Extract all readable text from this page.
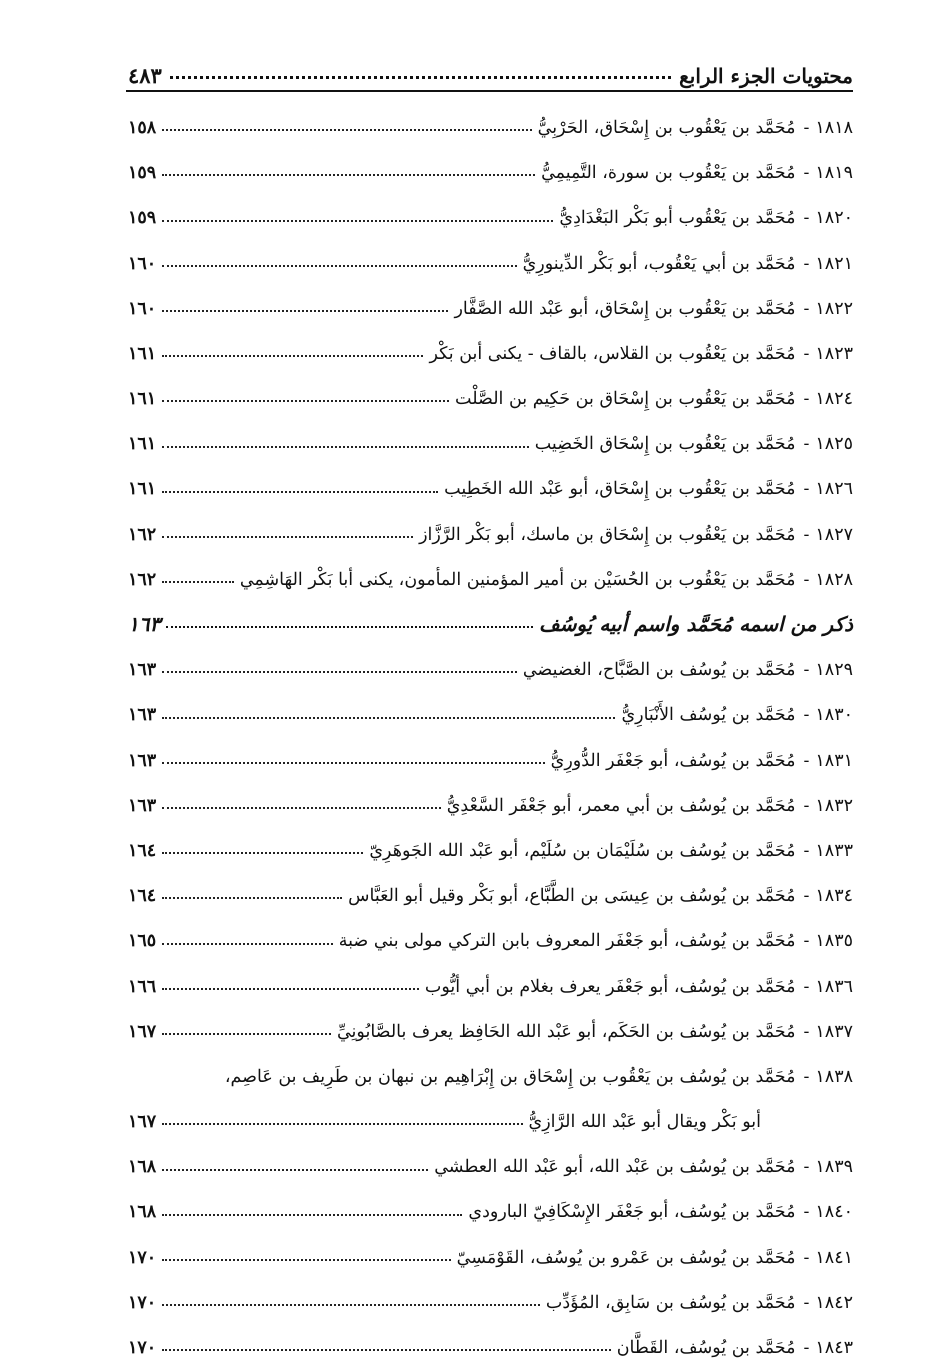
محتويات الجزء الرابع
٤٨٣
١٨١٨
-
مُحَمَّد بن يَعْقُوب بن إِسْحَاق، الحَرْبِيُّ
١٥٨
١٨١٩
-
مُحَمَّد بن يَعْقُوب بن سورة، التَّمِيمِيُّ
١٥٩
١٨٢٠
-
مُحَمَّد بن يَعْقُوب أبو بَكْر البَغْدَادِيُّ
١٥٩
١٨٢١
-
مُحَمَّد بن أبي يَعْقُوب، أبو بَكْر الدِّينورِيُّ
١٦٠
١٨٢٢
-
مُحَمَّد بن يَعْقُوب بن إِسْحَاق، أبو عَبْد الله الصَّفَّار
١٦٠
١٨٢٣
-
مُحَمَّد بن يَعْقُوب بن القلاس، بالقاف - يكنى أبن بَكْر
١٦١
١٨٢٤
-
مُحَمَّد بن يَعْقُوب بن إِسْحَاق بن حَكِيم بن الصَّلْت
١٦١
١٨٢٥
-
مُحَمَّد بن يَعْقُوب بن إِسْحَاق الخَضِيب
١٦١
١٨٢٦
-
مُحَمَّد بن يَعْقُوب بن إِسْحَاق، أبو عَبْد الله الخَطِيب
١٦١
١٨٢٧
-
مُحَمَّد بن يَعْقُوب بن إِسْحَاق بن ماسك، أبو بَكْر الرَّزَّاز
١٦٢
١٨٢٨
-
مُحَمَّد بن يَعْقُوب بن الحُسَيْن بن أمير المؤمنين المأمون، يكنى أبا بَكْر الهَاشِمِي
١٦٢
ذكر من اسمه مُحَمَّد واسم أبيه يُوسُف
١٦٣
١٨٢٩
-
مُحَمَّد بن يُوسُف بن الصَّبَّاح، الغضيضي
١٦٣
١٨٣٠
-
مُحَمَّد بن يُوسُف الأَنْبَارِيُّ
١٦٣
١٨٣١
-
مُحَمَّد بن يُوسُف، أبو جَعْفَر الدُّورِيُّ
١٦٣
١٨٣٢
-
مُحَمَّد بن يُوسُف بن أبي معمر، أبو جَعْفَر السَّعْدِيُّ
١٦٣
١٨٣٣
-
مُحَمَّد بن يُوسُف بن سُلَيْمَان بن سُلَيْم، أبو عَبْد الله الجَوهَرِيّ
١٦٤
١٨٣٤
-
مُحَمَّد بن يُوسُف بن عِيسَى بن الطَّبَّاع، أبو بَكْر وقيل أبو العَبَّاس
١٦٤
١٨٣٥
-
مُحَمَّد بن يُوسُف، أبو جَعْفَر المعروف بابن التركي مولى بني ضبة
١٦٥
١٨٣٦
-
مُحَمَّد بن يُوسُف، أبو جَعْفَر يعرف بغلام بن أبي أيُّوب
١٦٦
١٨٣٧
-
مُحَمَّد بن يُوسُف بن الحَكَم، أبو عَبْد الله الحَافِظ يعرف بالصَّابُونِيِّ
١٦٧
١٨٣٨
-
مُحَمَّد بن يُوسُف بن يَعْقُوب بن إِسْحَاق بن إِبْرَاهِيم بن نبهان بن طَرِيف بن عَاصِم،
أبو بَكْر ويقال أبو عَبْد الله الرَّازِيُّ
١٦٧
١٨٣٩
-
مُحَمَّد بن يُوسُف بن عَبْد الله، أبو عَبْد الله العطشي
١٦٨
١٨٤٠
-
مُحَمَّد بن يُوسُف، أبو جَعْفَر الإِسْكَافِيّ البارودي
١٦٨
١٨٤١
-
مُحَمَّد بن يُوسُف بن عَمْرو بن يُوسُف، القَوْمَسِيّ
١٧٠
١٨٤٢
-
مُحَمَّد بن يُوسُف بن سَابِق، المُؤَدِّب
١٧٠
١٨٤٣
-
مُحَمَّد بن يُوسُف، القَطَّان
١٧٠
